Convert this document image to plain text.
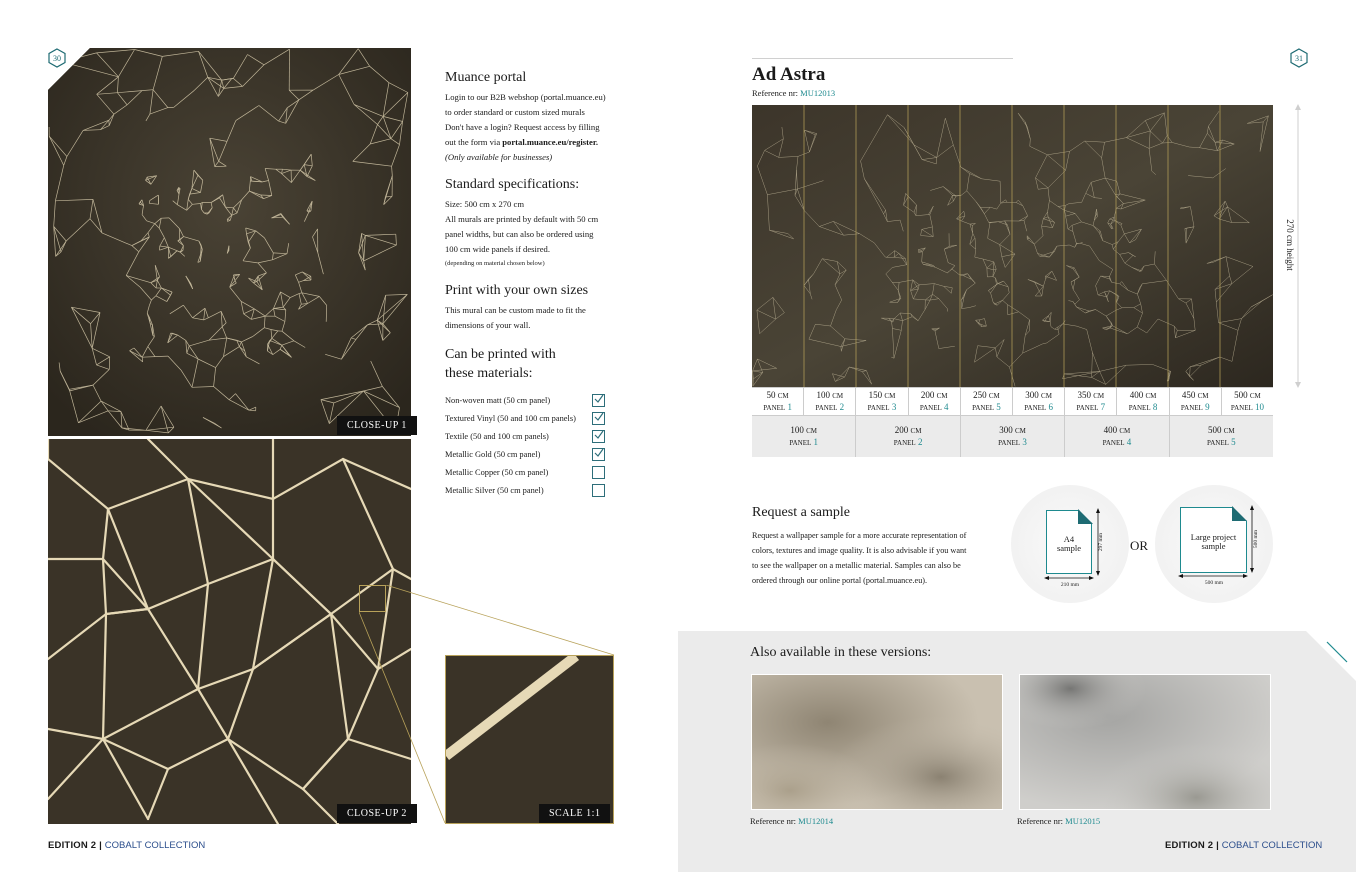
30
CLOSE-UP 1
CLOSE-UP 2	SCALE 1:1
Muance portal
Login to our B2B webshop (portal.muance.eu)
to order standard or custom sized murals
Don't have a login? Request access by filling
out the form via portal.muance.eu/register.
(Only available for businesses)
Standard specifications:
Size: 500 cm x 270 cm
All murals are printed by default with 50 cm
panel widths, but can also be ordered using
100 cm wide panels if desired.
(depending on material chosen below)
Print with your own sizes
This mural can be custom made to fit the
dimensions of your wall.
Can be printed with
these materials:
Non-woven matt (50 cm panel)
Textured Vinyl (50 and 100 cm panels)
Textile (50 and 100 cm panels)
Metallic Gold (50 cm panel)
Metallic Copper (50 cm panel)
Metallic Silver (50 cm panel)
EDITION 2 | COBALT COLLECTION
31
Ad Astra
Reference nr: MU12013
270 cm height
50 CM
PANEL 1
100 CM
PANEL 2
150 CM
PANEL 3
200 CM
PANEL 4
250 CM
PANEL 5
300 CM
PANEL 6
350 CM
PANEL 7
400 CM
PANEL 8
450 CM
PANEL 9
500 CM
PANEL 10
100 CM
PANEL 1
200 CM
PANEL 2
300 CM
PANEL 3
400 CM
PANEL 4
500 CM
PANEL 5
Request a sample
Request a wallpaper sample for a more accurate representation of
colors, textures and image quality. It is also advisable if you want
to see the wallpaper on a metallic material. Samples can also be
ordered through our online portal (portal.muance.eu).
A4
sample
210 mm
297 mm OR
Large project
sample
500 mm
500 mm
Also available in these versions:
Reference nr: MU12014	Reference nr: MU12015
EDITION 2 | COBALT COLLECTION
